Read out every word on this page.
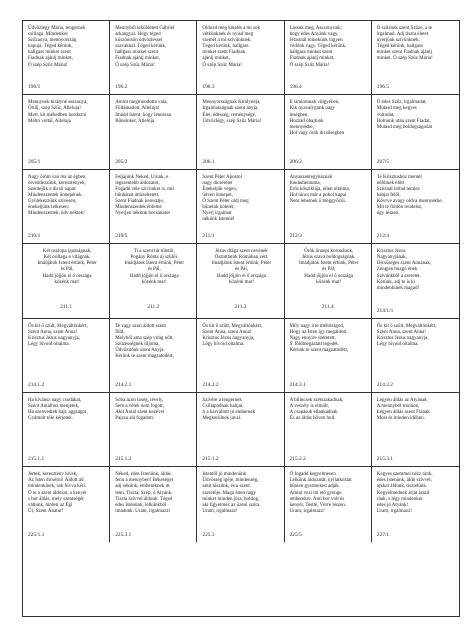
Üdvözlégy Mária, tengernek
csillaga. Mindenkor
Szűzanya, mennyország
kapuja. Téged kérünk,
hallgass minket szent
Fiadnak ajánlj minket,
Ó szép Szűz Mária!
196/1
Mennyből lekűldetett Gábriel
arkangyal. Hogy téged
köszöntsön üdvözléssel
szavakkal. Téged kérünk,
hallgass minket szent
Fiadnak ajánlj minket,
Ó szép Szűz Mária!
196.2
Oldozd meg kötelét a mi sok
vétkünknek és nyisd meg
szemét a mi szívünknek.
Téged kérünk, hallgass
minket szent Fiadnak
ajánlj minket,
Ó szép Szűz Mária!
196.3
Lássuk meg, Asszonyunk;
hogy édes Anyánk vagy,
Jézusnál minekünk ingyen
védőnk vagy. Téged kérünk,
hallgass minket szent
Fiadnak ajánlj minket,
Ó szép Szűz Mária!
196.4
Ó szűznek szent Szűze, a te
írgalmad. Adj tiszta életet
nyerjünk szívünknek.
Téged kérünk, hallgass
minket szent Fiadnak ajánlj
minket. Ó szép Szűz Mária!
196.5
Mennynek királyné asszonya,
Örülj, szép Szűz, Alleluja!
Mert, kit méhedben hordozni
Méltó voltál, Alleluja
205/1
Amint megmondotta vala,
Föltámadott, Alleluja!
Imádd Istent, hogy lennessa
Bűneinket, Alleluja
205/2
Mennyországnak Királynéja,
Irgalmasságnak szent anyja,
Élet, édesség, reménységé,
Üdvözlégy, szép Szűz Mária!
206.1
E siralomnak völgyében,
Kik nyavalygunk nagy
inségben,
Hozzád óhajtunk
mennyekbe,
Hol vagy örök dicsőségben
206/2
Ó édes Szűz, irgalmadat,
Mutasd meg kegyes
voltodat,
Holnunk után szent Fiadat,
Mutasd meg boldogságodat
207/5
Nagy öröm van ma az égben,
örvendezzünk, keresztények,
Szentejlik e dicső napot
Mindenszentek ünnepének.
Gyülekezzünk szívesen,
énekeljünk lelkesen:
Mindenszentek, üdv néktek!
210/1
Feljajúnk Neked, Urunk, e
legszentebb áldozatot,
Fogadd vele szívünket is, mit
bűnbánat áttüzeltetett.
Szent Fiadnak keresztje,
Mindenszentek érdeme
Nyerjen nékünk bocsánatot
210/5
Szent Péter Apostol
nagy dicséretet
Énekeljük végen,
üdven ünnepet,
Ó Szent Péter oldj meg
bűneink kötelét,
Nyerj irgalmat
nékünk Istennél
211/1
Anyaszentegyháznak
fundamentuma,
Erős kősziklája, ellen oltalma,
Hol nincs már a pokol kapui
Nem lehetnek ö meggyőzői.
212/3
Te Krisztushoz mentél
néhiinek előtt
Szóznal ilóbal temjez
habjai felől.
Kövrve avagy oldva mennyekbe,
Mit te földön rendelsz,
úgy lészen.
212/4
Két oszlopa igazságnak,
Két csillaga e világnak.
Imádjátok Istent értünk, Péter
és Pál,
Hadd jöjjön el ő országa
közénk mar!
211.1
Ti a szent hit tűletői,
Pogány Róma új szülői.
Imádjátok Istent értünk, Péter
és Pál,
Hadd jöjjön el ő országa
közénk mar!
211.2
Jézus drága szent nevének
Osztottatok Rómában vért.
Imádjátok Istent értünk, Péter
és Pál,
Hadd jöjjön el ő országa
közénk mar!
211.3
Örök ünnepi koronánok,
Jézus szava boldogságnak.
Imádjátok Istent értünk, Péter
és Pál,
Hadd jöjjön el ő országa
közénk mar!
211.4
Krisztus Jézus
Nagyanyjának,
Dicsőséges szent Annának,
Zengjen buzgó ének
Szívünkből a szeretet.
Kérünk, adj te is ki
mindenkinek magad!
214/1/1
Ős kit ő szült, Megváltónkért,
Szent Anna, szent Anna!
Krisztus Jézus nagyanyja,
Légy hívoid oltalma.
214.1.2
Te vagy azon áldott szent
föld,
Melyből ama szép virág nőtt,
Szűzességnek liljoma,
Üdvözítőnk szent Anyja.
Kérünk te szent magzatodért,
214.2.1
Ős kit ő szült, Megváltónkért,
Szent Anna, szent Anna!
Krisztus Jézus nagyanyja,
Légy hívoid oltalma.
214.2.2
Míly nagy a te méltóságod,
Hogy az Isten így megáldott.
Nagy ennyire szeretett,
S' földmegáztatt tegedet.
Kérünk te szent magzatodért,
214.3.1
Ős kit ő szült, Megváltónkért,
Szent Anna, szent Anna!
Krisztus Jézus nagyanyja,
Légy hívoid oltalma.
214.3.2
Ha kívánsz nagy csodákat,
Szent Antalhoz menjetek,
Ha szenvedtek bajt, aggságot,
Gyámolt tőle kérjetek.
215.1.1
Soha azon ínség, tévely,
Sem a vétek nem fogott,
Akit Antal szent kezével
Pajzsa alá fogadott.
215.1.2
Szívére a tengernek
Csillapodnak habjai,
S a kárvallott jó embernek
Megkerülnek javai.
215.1.2
A bilincsek szétszakadnak,
A veszély is elmúlt,
A csapások ellankadnak
És az áldás bőven hull.
215.2.2
Legyen áldás az Atyának
A mennyből trónnon,
Légyen áldás szent Fiának
Most és minden időben.
215.3.1
Jertek, keresztény hívek,
Az Isten dicsérni! Áldott ád
mindenkinek, sok hívva kéri.
Ó te a szent áldozat, a kenyér
s bor áldás, mely szentségét
váltunk, hirdeti az Égi
Úr, Szent Ánatur!
225/1.1
Néked, édes Istenünk, áldás
fenn a mennyben! Békeséget
adj nékünk, embereknek itt
lenn. Tiszta, Szép, ó Atyánk,
Tiszta szívvel áldunk. Téged
édes Istenünk, lelkünkből
imádunk. Uram, irgalmazz!
225.3.1
Istentől jó mindenünk
Üdvösség igéje, mindenség,
amit hiszünk, és a szent
szeretője. Maga Isten nagy
minket minden jóra, boldog,
aki figyelmez az üzeni szóra.
Uram, irgalmazz!
225.3
Ó fogadd kegyelmesen
Lelkünk áldozatát, nyilatkoztat
bűnien gyermeked adják.
Amint vezi mi ető gyenge
emberekre. Ami bor volt és
kenyér, Testté, Vérré lészen.
Uram, irgalmazz!
225/5
Kegyes szemmel nézz ránk,
édes Istenünk, áldó szívvel,
ajkkal áldunk, tisztelünk.
Kegyelmednek árját árazd
ránk, s légy mindenkor
édes jó Atyánk!
Uram, irgalmazz!
227/1
